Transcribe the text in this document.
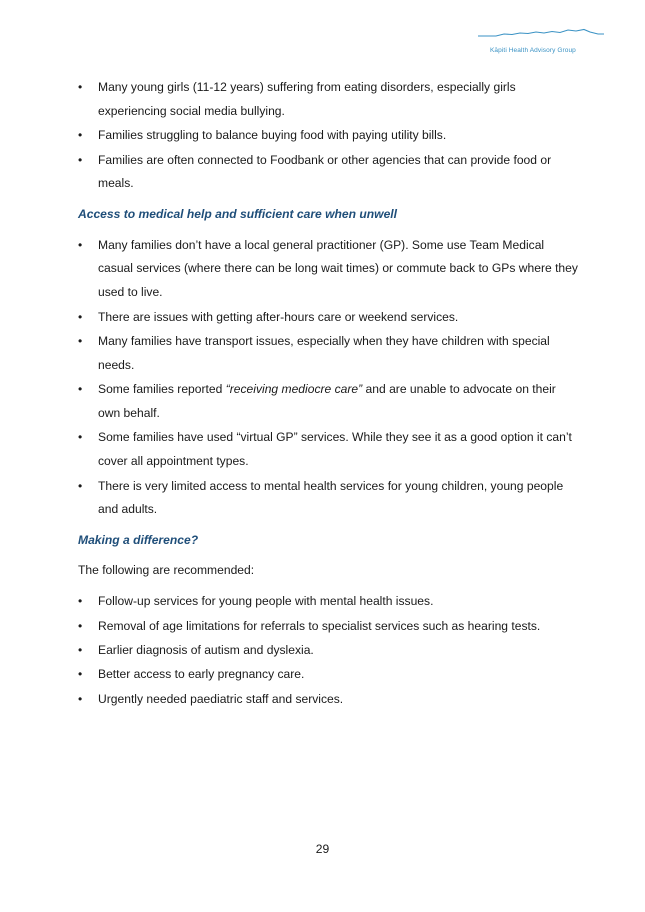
Kāpiti Health Advisory Group
• Many young girls (11-12 years) suffering from eating disorders, especially girls experiencing social media bullying.
• Families struggling to balance buying food with paying utility bills.
• Families are often connected to Foodbank or other agencies that can provide food or meals.
Access to medical help and sufficient care when unwell
• Many families don’t have a local general practitioner (GP). Some use Team Medical casual services (where there can be long wait times) or commute back to GPs where they used to live.
• There are issues with getting after-hours care or weekend services.
• Many families have transport issues, especially when they have children with special needs.
• Some families reported “receiving mediocre care” and are unable to advocate on their own behalf.
• Some families have used “virtual GP” services. While they see it as a good option it can’t cover all appointment types.
• There is very limited access to mental health services for young children, young people and adults.
Making a difference?
The following are recommended:
• Follow-up services for young people with mental health issues.
• Removal of age limitations for referrals to specialist services such as hearing tests.
• Earlier diagnosis of autism and dyslexia.
• Better access to early pregnancy care.
• Urgently needed paediatric staff and services.
29
